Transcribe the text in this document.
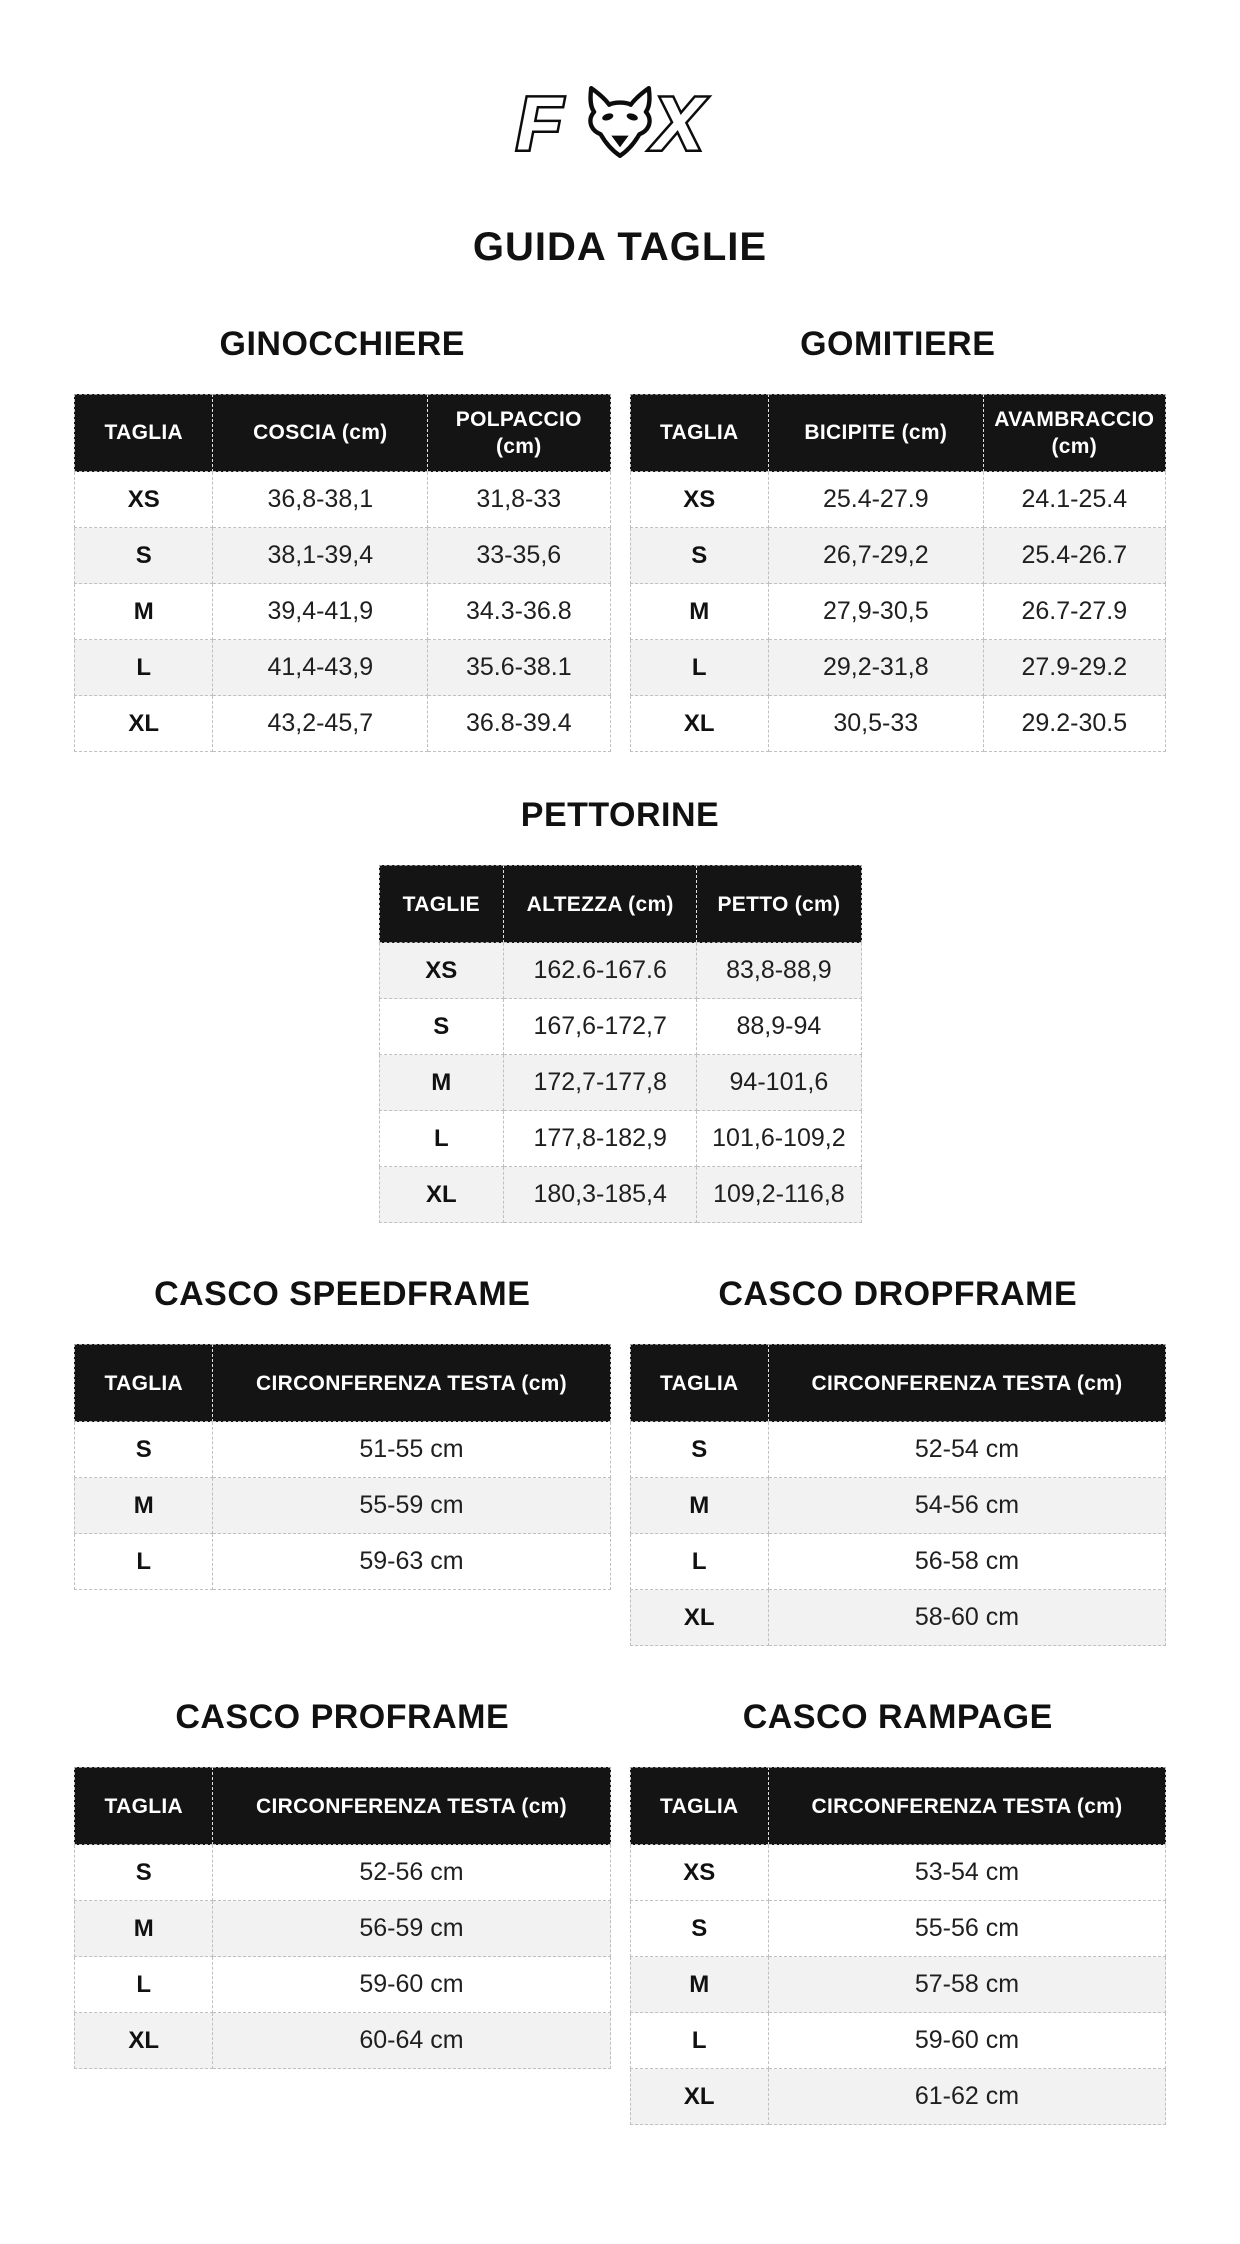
F X
GUIDA TAGLIE
GINOCCHIERE
TAGLIA	COSCIA (cm)	POLPACCIO (cm)
XS	36,8-38,1	31,8-33
S	38,1-39,4	33-35,6
M	39,4-41,9	34.3-36.8
L	41,4-43,9	35.6-38.1
XL	43,2-45,7	36.8-39.4
GOMITIERE
TAGLIA	BICIPITE (cm)	AVAMBRACCIO (cm)
XS	25.4-27.9	24.1-25.4
S	26,7-29,2	25.4-26.7
M	27,9-30,5	26.7-27.9
L	29,2-31,8	27.9-29.2
XL	30,5-33	29.2-30.5
PETTORINE
TAGLIE	ALTEZZA (cm)	PETTO (cm)
XS	162.6-167.6	83,8-88,9
S	167,6-172,7	88,9-94
M	172,7-177,8	94-101,6
L	177,8-182,9	101,6-109,2
XL	180,3-185,4	109,2-116,8
CASCO SPEEDFRAME
TAGLIA	CIRCONFERENZA TESTA (cm)
S	51-55 cm
M	55-59 cm
L	59-63 cm
CASCO DROPFRAME
TAGLIA	CIRCONFERENZA TESTA (cm)
S	52-54 cm
M	54-56 cm
L	56-58 cm
XL	58-60 cm
CASCO PROFRAME
TAGLIA	CIRCONFERENZA TESTA (cm)
S	52-56 cm
M	56-59 cm
L	59-60 cm
XL	60-64 cm
CASCO RAMPAGE
TAGLIA	CIRCONFERENZA TESTA (cm)
XS	53-54 cm
S	55-56 cm
M	57-58 cm
L	59-60 cm
XL	61-62 cm
